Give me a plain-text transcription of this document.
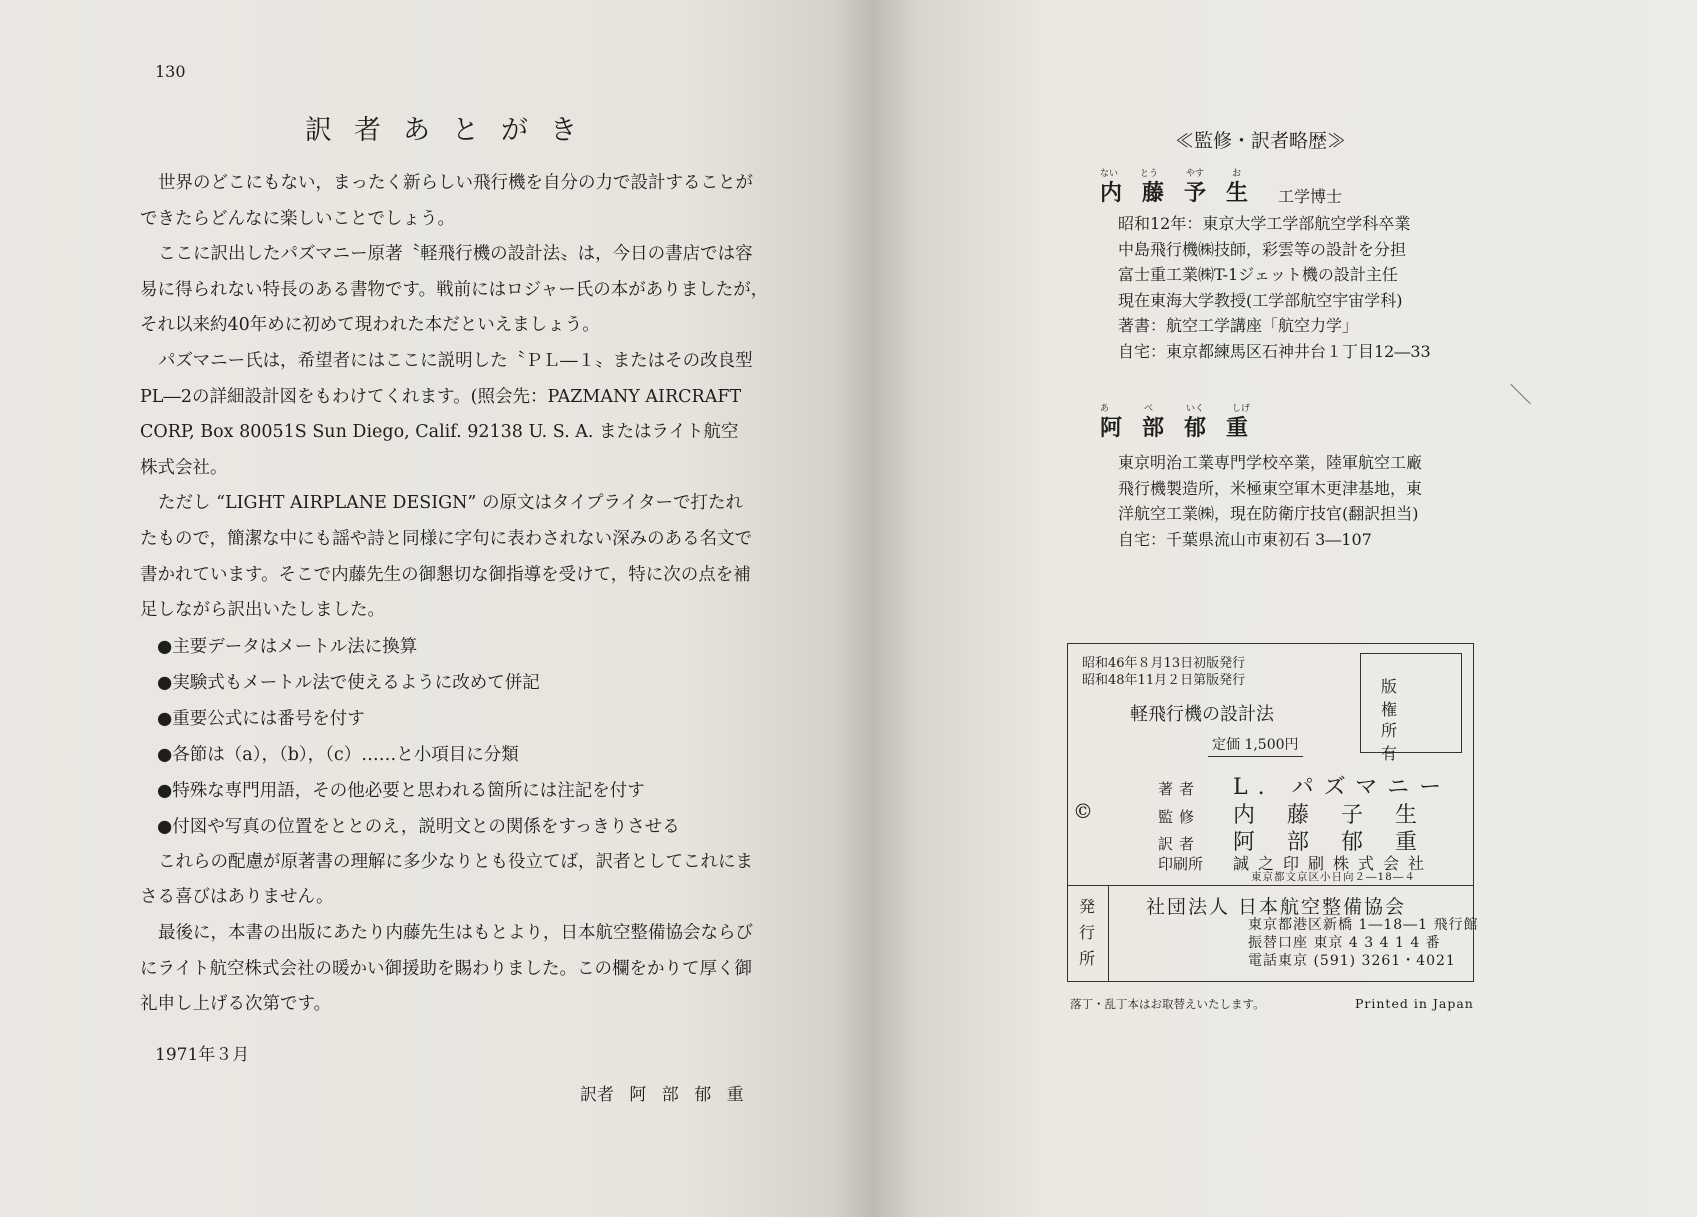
130
訳者あとがき
世界のどこにもない，まったく新らしい飛行機を自分の力で設計することが
できたらどんなに楽しいことでしょう。
ここに訳出したパズマニー原著〝軽飛行機の設計法〟は，今日の書店では容
易に得られない特長のある書物です。戦前にはロジャー氏の本がありましたが，
それ以来約40年めに初めて現われた本だといえましょう。
パズマニー氏は，希望者にはここに説明した〝ＰＬ―１〟またはその改良型
PL―2の詳細設計図をもわけてくれます。(照会先：PAZMANY AIRCRAFT
CORP, Box 80051S Sun Diego, Calif. 92138 U. S. A. またはライト航空
株式会社。
ただし “LIGHT AIRPLANE DESIGN” の原文はタイプライターで打たれ
たもので，簡潔な中にも謡や詩と同様に字句に表わされない深みのある名文で
書かれています。そこで内藤先生の御懇切な御指導を受けて，特に次の点を補
足しながら訳出いたしました。
●主要データはメートル法に換算
●実験式もメートル法で使えるように改めて併記
●重要公式には番号を付す
●各節は（a），（b），（c）……と小項目に分類
●特殊な専門用語，その他必要と思われる箇所には注記を付す
●付図や写真の位置をととのえ，説明文との関係をすっきりさせる
これらの配慮が原著書の理解に多少なりとも役立てば，訳者としてこれにま
さる喜びはありません。
最後に，本書の出版にあたり内藤先生はもとより，日本航空整備協会ならび
にライト航空株式会社の暖かい御援助を賜わりました。この欄をかりて厚く御
礼申し上げる次第です。
1971年３月
訳者 阿 部 郁 重
≪監修・訳者略歴≫
ない とう	やす	お
内藤予生 工学博士
昭和12年：東京大学工学部航空学科卒業
中島飛行機㈱技師，彩雲等の設計を分担
富士重工業㈱T-1ジェット機の設計主任
現在東海大学教授(工学部航空宇宙学科)
著書：航空工学講座「航空力学」
自宅：東京都練馬区石神井台１丁目12―33
あ	べ	いく	しげ
阿部郁重
東京明治工業専門学校卒業，陸軍航空工廠
飛行機製造所，米極東空軍木更津基地，東
洋航空工業㈱，現在防衛庁技官(翻訳担当)
自宅：千葉県流山市東初石 3―107
昭和46年８月13日初版発行
昭和48年11月２日第版発行
軽飛行機の設計法
定価 1,500円
版権
所有
©
著者 L. パズマニー
監修 内藤子生
訳者 阿部郁重
印刷所 誠之印刷株式会社
東京都文京区小日向２―18―４
発行所
社団法人 日本航空整備協会
東京都港区新橋 1―18―1 飛行館
振替口座 東京 4 3 4 1 4 番
電話東京 (591) 3261・4021
落丁・乱丁本はお取替えいたします。	Printed in Japan
